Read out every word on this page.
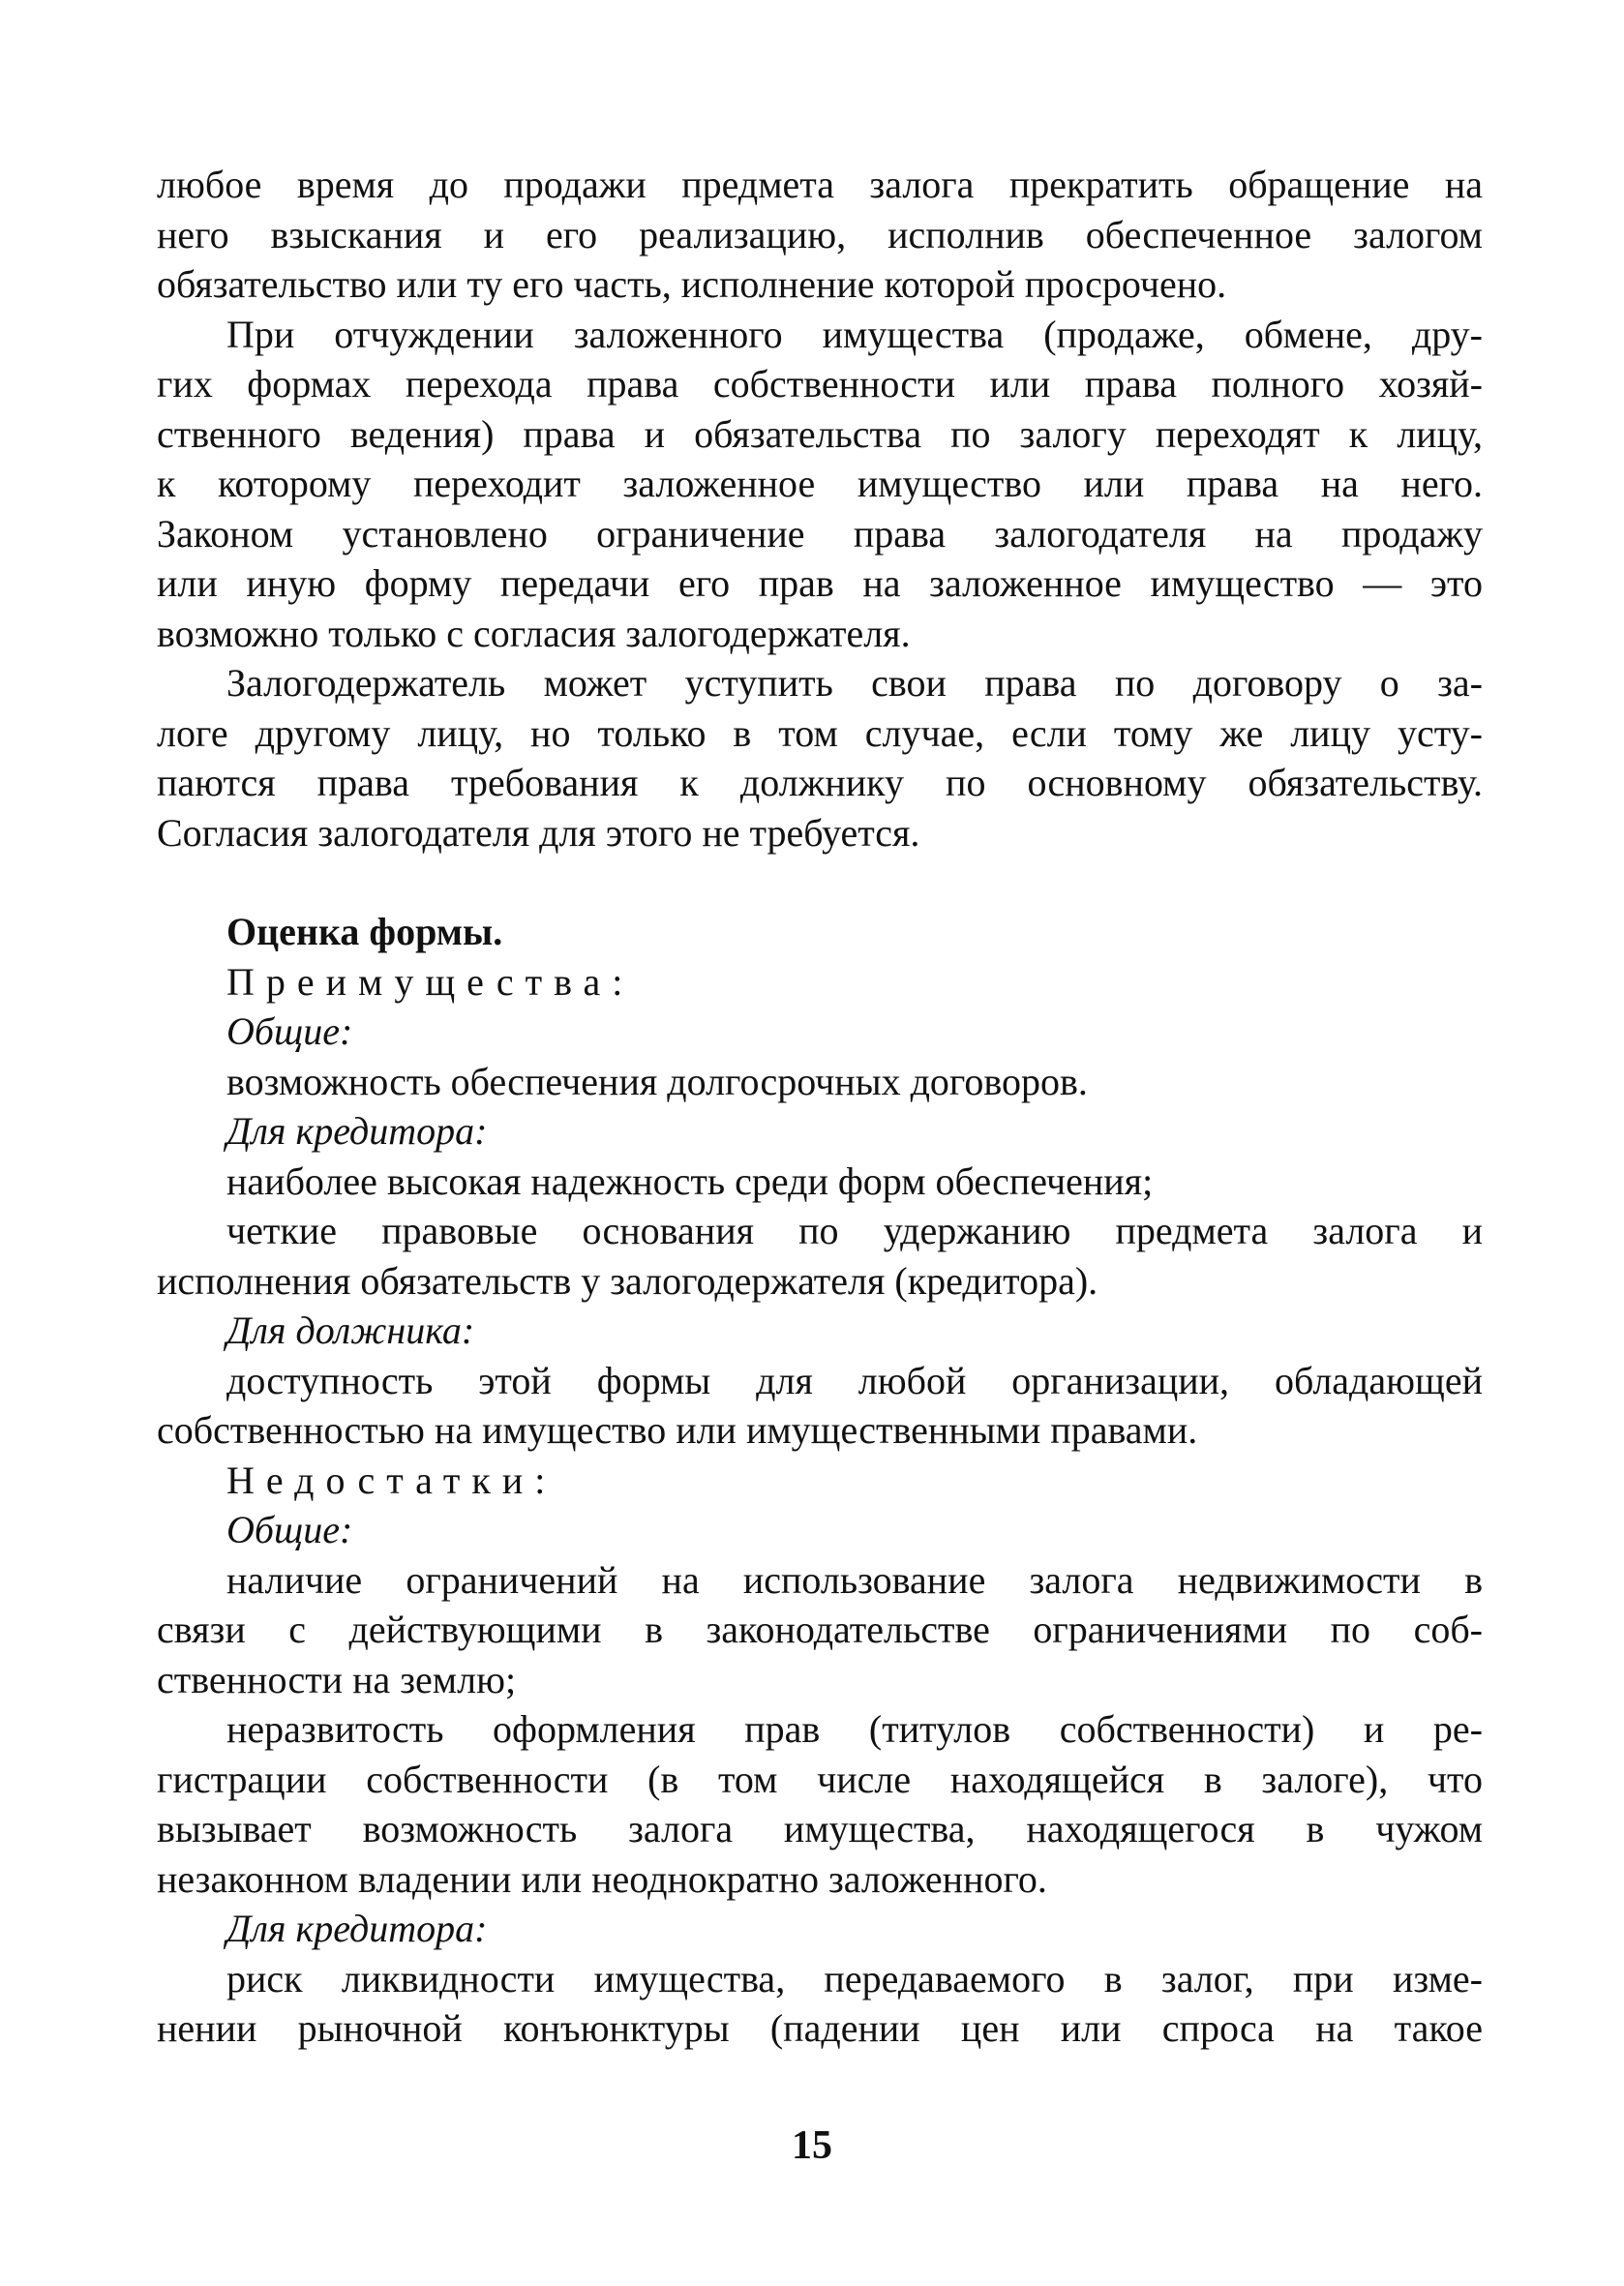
любое время до продажи предмета залога прекратить обращение на
него взыскания и его реализацию, исполнив обеспеченное залогом
обязательство или ту его часть, исполнение которой просрочено.
При отчуждении заложенного имущества (продаже, обмене, дру-
гих формах перехода права собственности или права полного хозяй-
ственного ведения) права и обязательства по залогу переходят к лицу,
к которому переходит заложенное имущество или права на него.
Законом установлено ограничение права залогодателя на продажу
или иную форму передачи его прав на заложенное имущество — это
возможно только с согласия залогодержателя.
Залогодержатель может уступить свои права по договору о за-
логе другому лицу, но только в том случае, если тому же лицу усту-
паются права требования к должнику по основному обязательству.
Согласия залогодателя для этого не требуется.
Оценка формы.
Преимущества:
Общие:
возможность обеспечения долгосрочных договоров.
Для кредитора:
наиболее высокая надежность среди форм обеспечения;
четкие правовые основания по удержанию предмета залога и
исполнения обязательств у залогодержателя (кредитора).
Для должника:
доступность этой формы для любой организации, обладающей
собственностью на имущество или имущественными правами.
Недостатки:
Общие:
наличие ограничений на использование залога недвижимости в
связи с действующими в законодательстве ограничениями по соб-
ственности на землю;
неразвитость оформления прав (титулов собственности) и ре-
гистрации собственности (в том числе находящейся в залоге), что
вызывает возможность залога имущества, находящегося в чужом
незаконном владении или неоднократно заложенного.
Для кредитора:
риск ликвидности имущества, передаваемого в залог, при изме-
нении рыночной конъюнктуры (падении цен или спроса на такое
15
